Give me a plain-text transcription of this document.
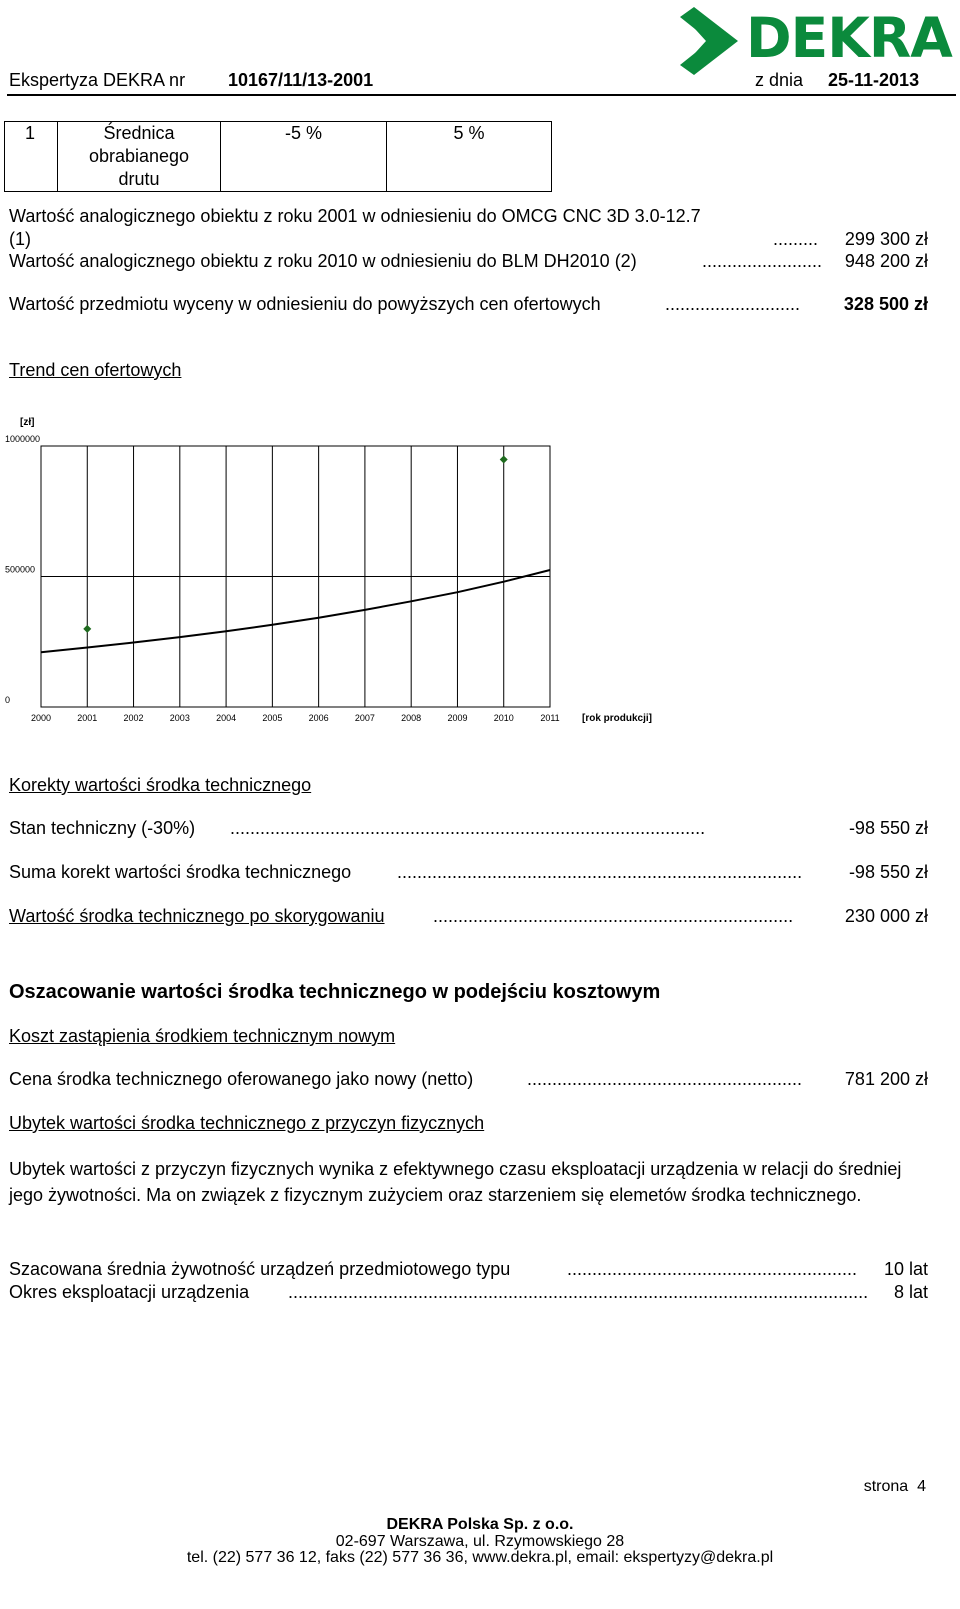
Ekspertyza DEKRA nr 10167/11/13-2001	z dnia 25-11-2013
DEKRA
1	Średnica
obrabianego
drutu
	-5 %	5 %
Wartość analogicznego obiektu z roku 2001 w odniesieniu do OMCG CNC 3D 3.0-12.7
(1)	......... 299 300 zł
Wartość analogicznego obiektu z roku 2010 w odniesieniu do BLM DH2010 (2)	........................ 948 200 zł
Wartość przedmiotu wyceny w odniesieniu do powyższych cen ofertowych	........................... 328 500 zł
Trend cen ofertowych
2000	2001	2002	2003	2004	2005	2006	2007	2008	2009	2010	2011
0
500000
1000000
[zł]
[rok produkcji]
Korekty wartości środka technicznego
Stan techniczny (-30%) ...............................................................................................	-98 550 zł
Suma korekt wartości środka technicznego	.................................................................................	-98 550 zł
Wartość środka technicznego po skorygowaniu	........................................................................	230 000 zł
Oszacowanie wartości środka technicznego w podejściu kosztowym
Koszt zastąpienia środkiem technicznym nowym
Cena środka technicznego oferowanego jako nowy (netto)	....................................................... 781 200 zł
Ubytek wartości środka technicznego z przyczyn fizycznych
Ubytek wartości z przyczyn fizycznych wynika z efektywnego czasu eksploatacji urządzenia w relacji do średniej jego żywotności. Ma on związek z fizycznym zużyciem oraz starzeniem się elemetów środka technicznego.
Szacowana średnia żywotność urządzeń przedmiotowego typu	.......................................................... 10 lat
Okres eksploatacji urządzenia .................................................................................................................... 8 lat
strona 4
DEKRA Polska Sp. z o.o.
02-697 Warszawa, ul. Rzymowskiego 28
tel. (22) 577 36 12, faks (22) 577 36 36, www.dekra.pl, email: ekspertyzy@dekra.pl
